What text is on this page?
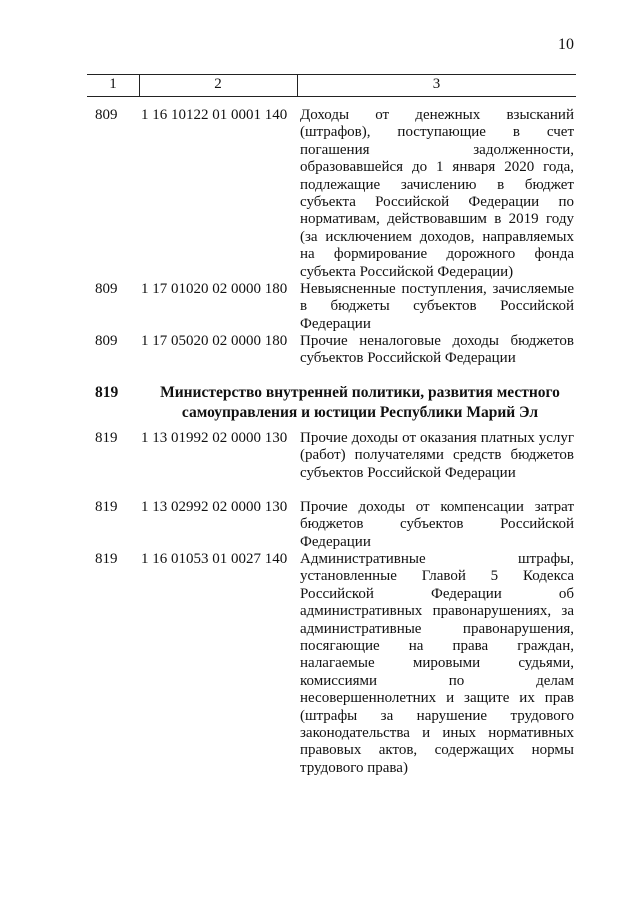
10
1	2	3
809 1 16 10122 01 0001 140 Доходы от денежных взысканий (штрафов), поступающие в счет погашения задолженности, образовавшейся до 1 января 2020 года, подлежащие зачислению в бюджет субъекта Российской Федерации по нормативам, действовавшим в 2019 году (за исключением доходов, направляемых на формирование дорожного фонда субъекта Российской Федерации)
809 1 17 01020 02 0000 180 Невыясненные поступления, зачисляемые в бюджеты субъектов Российской Федерации
809 1 17 05020 02 0000 180 Прочие неналоговые доходы бюджетов субъектов Российской Федерации
819	Министерство внутренней политики, развития местного самоуправления и юстиции Республики Марий Эл
819 1 13 01992 02 0000 130 Прочие доходы от оказания платных услуг (работ) получателями средств бюджетов субъектов Российской Федерации
819 1 13 02992 02 0000 130 Прочие доходы от компенсации затрат бюджетов субъектов Российской Федерации
819 1 16 01053 01 0027 140 Административные штрафы, установленные Главой 5 Кодекса Российской Федерации об административных правонарушениях, за административные правонарушения, посягающие на права граждан, налагаемые мировыми судьями, комиссиями по делам несовершеннолетних и защите их прав (штрафы за нарушение трудового законодательства и иных нормативных правовых актов, содержащих нормы трудового права)
